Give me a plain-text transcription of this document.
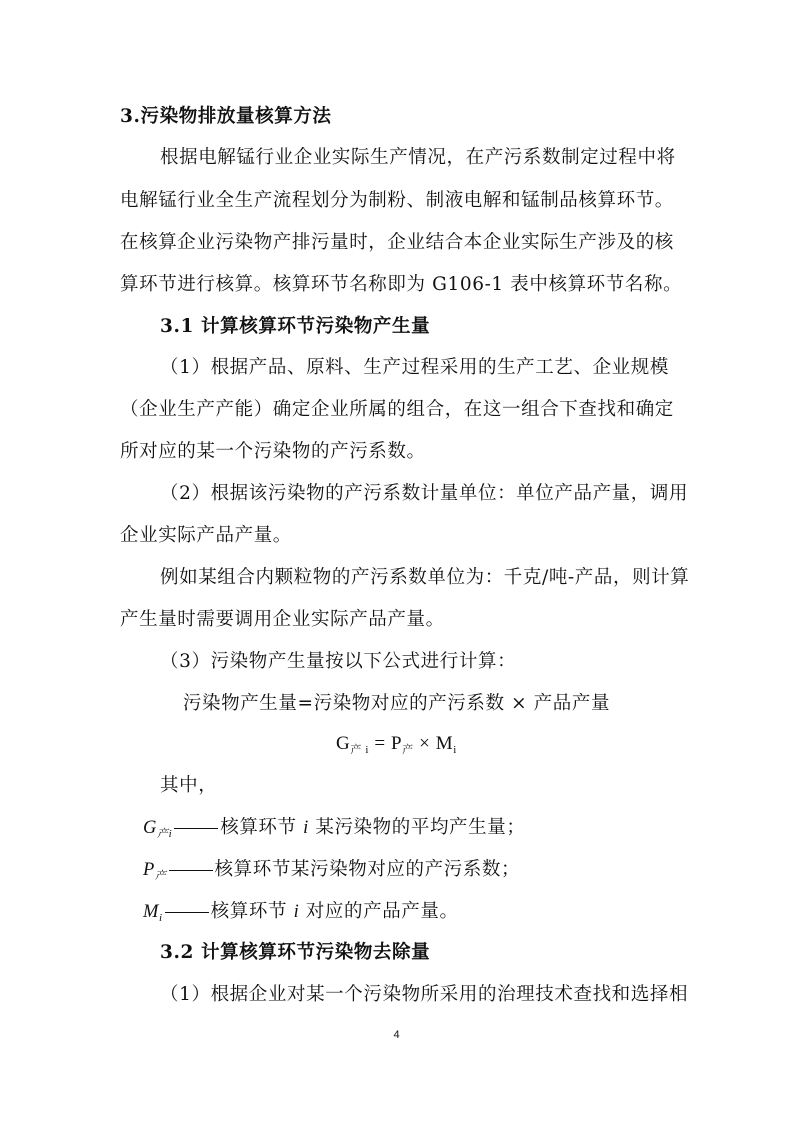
3.污染物排放量核算方法
根据电解锰行业企业实际生产情况，在产污系数制定过程中将
电解锰行业全生产流程划分为制粉、制液电解和锰制品核算环节。
在核算企业污染物产排污量时，企业结合本企业实际生产涉及的核
算环节进行核算。核算环节名称即为 G106-1 表中核算环节名称。
3.1 计算核算环节污染物产生量
（1）根据产品、原料、生产过程采用的生产工艺、企业规模
（企业生产产能）确定企业所属的组合，在这一组合下查找和确定
所对应的某一个污染物的产污系数。
（2）根据该污染物的产污系数计量单位：单位产品产量，调用
企业实际产品产量。
例如某组合内颗粒物的产污系数单位为：千克/吨-产品，则计算
产生量时需要调用企业实际产品产量。
（3）污染物产生量按以下公式进行计算：
污染物产生量=污染物对应的产污系数 × 产品产量
$G_{产 i} = P_产 \times M_i$
其中，
$G_{产i}$	核算环节 i 某污染物的平均产生量；
$P_产$	核算环节某污染物对应的产污系数；
$M_i$	核算环节 i 对应的产品产量。
3.2 计算核算环节污染物去除量
（1）根据企业对某一个污染物所采用的治理技术查找和选择相
4
